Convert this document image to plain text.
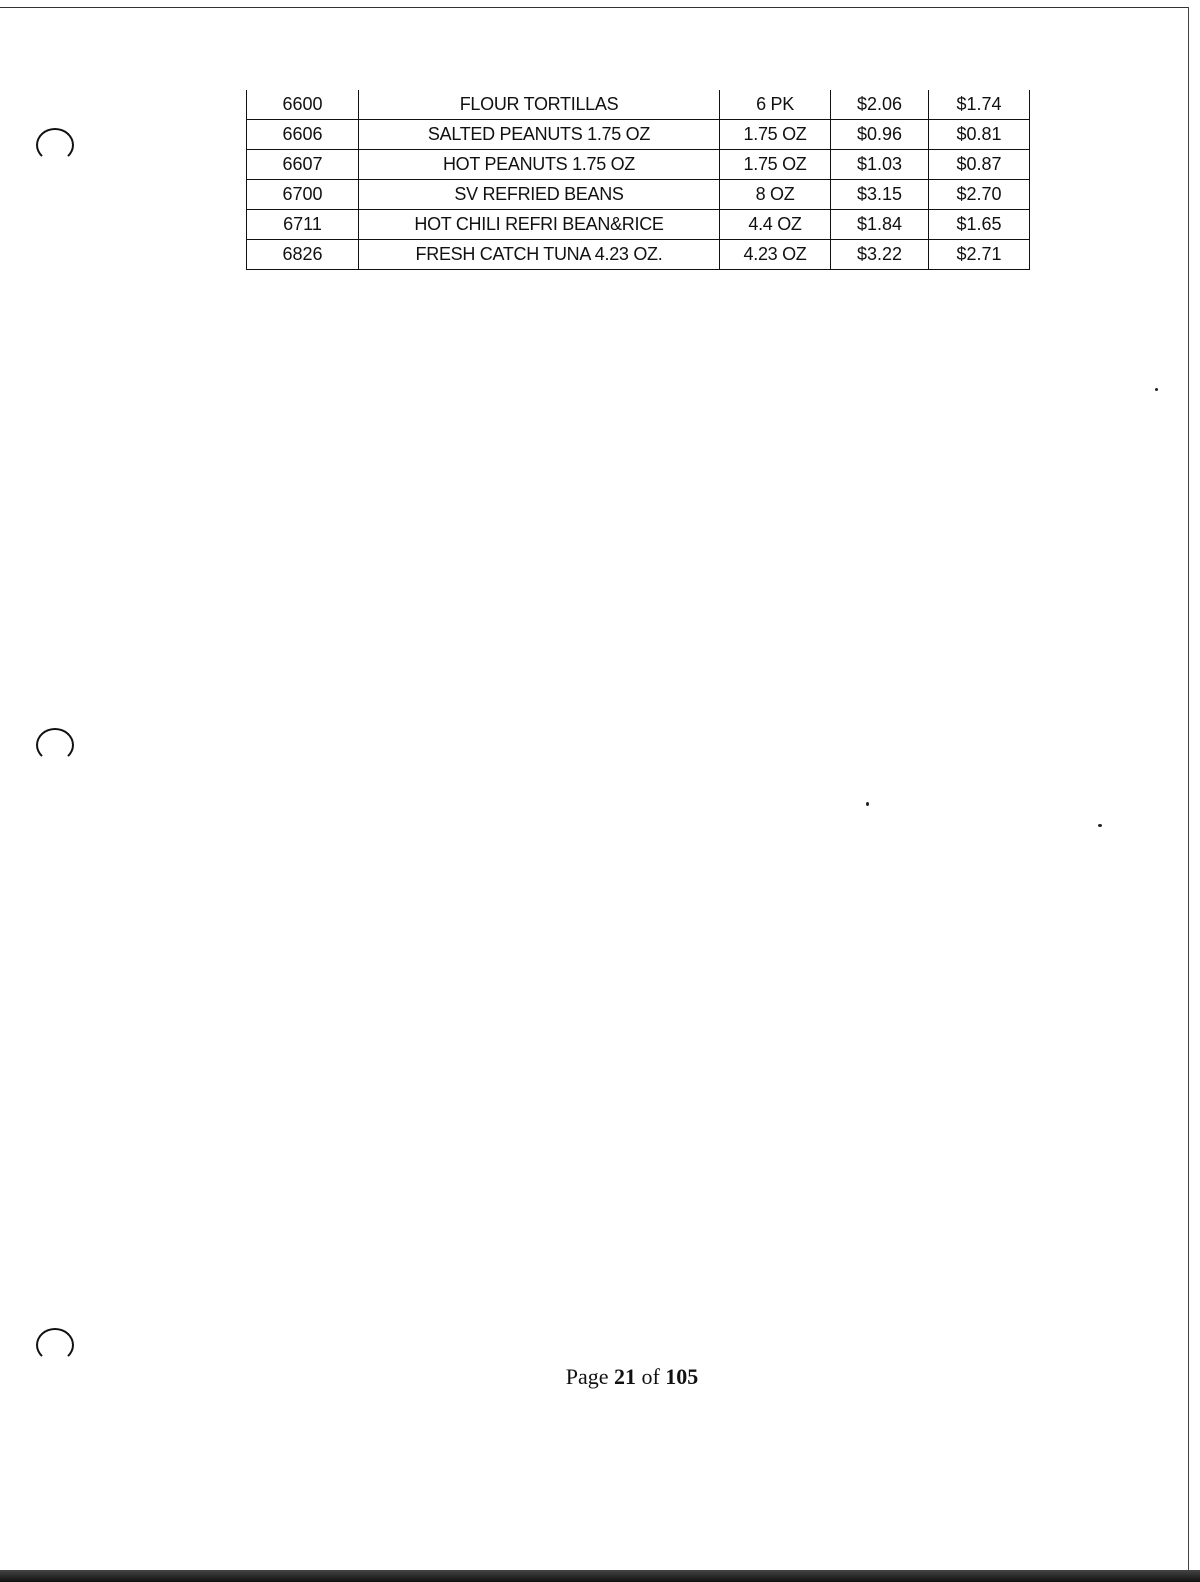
6600	FLOUR TORTILLAS	6 PK	$2.06	$1.74
6606	SALTED PEANUTS 1.75 OZ	1.75 OZ	$0.96	$0.81
6607	HOT PEANUTS 1.75 OZ	1.75 OZ	$1.03	$0.87
6700	SV REFRIED BEANS	8 OZ	$3.15	$2.70
6711	HOT CHILI REFRI BEAN&RICE	4.4 OZ	$1.84	$1.65
6826	FRESH CATCH TUNA 4.23 OZ.	4.23 OZ	$3.22	$2.71
Page 21 of 105
